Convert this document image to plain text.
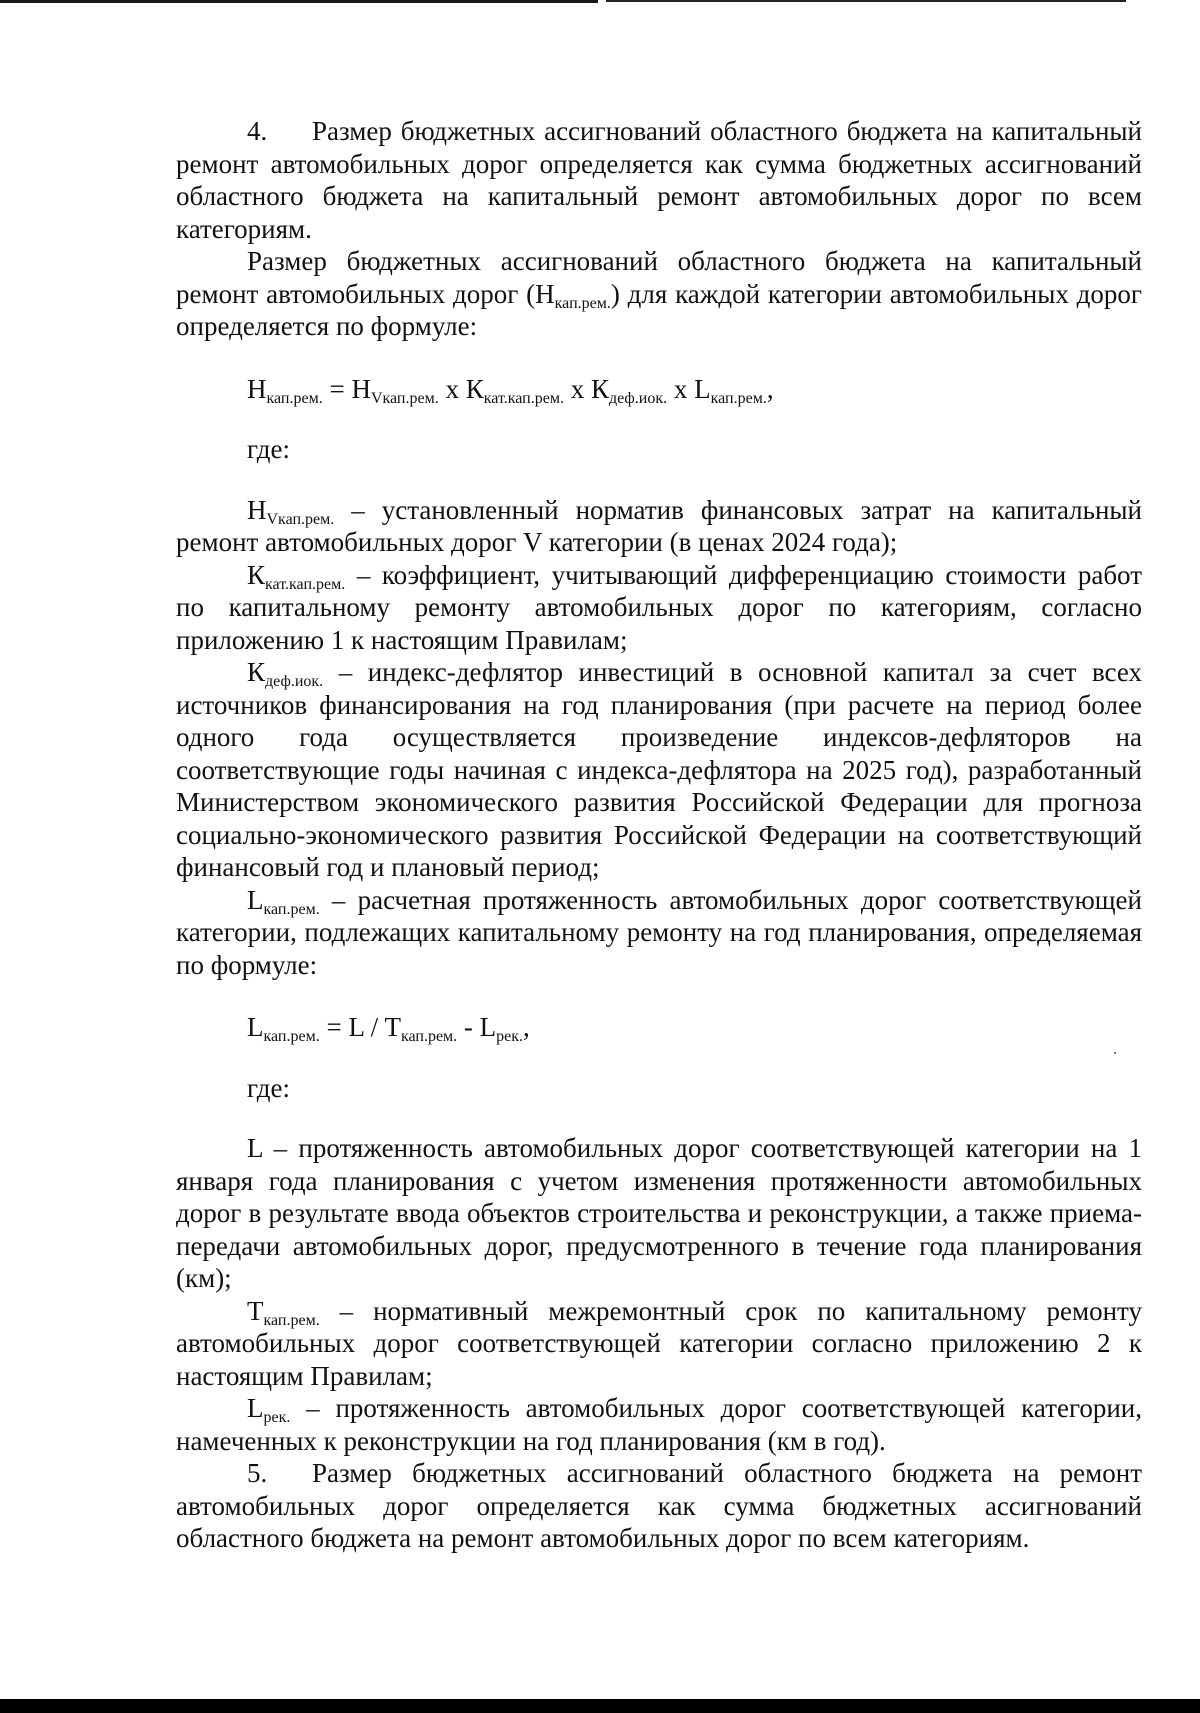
4. Размер бюджетных ассигнований областного бюджета на капитальный ремонт автомобильных дорог определяется как сумма бюджетных ассигнований областного бюджета на капитальный ремонт автомобильных дорог по всем категориям.

Размер бюджетных ассигнований областного бюджета на капитальный ремонт автомобильных дорог $(Н_{кап.рем.})$ для каждой категории автомобильных дорог определяется по формуле:

$Н_{кап.рем.} = Н_{Vкап.рем.}$ x $К_{кат.кап.рем.}$ x $К_{деф.иок.}$ x $L_{кап.рем.}$,

где:

$Н_{Vкап.рем.}$ – установленный норматив финансовых затрат на капитальный ремонт автомобильных дорог V категории (в ценах 2024 года);

$К_{кат.кап.рем.}$ – коэффициент, учитывающий дифференциацию стоимости работ по капитальному ремонту автомобильных дорог по категориям, согласно приложению 1 к настоящим Правилам;

$К_{деф.иок.}$ – индекс-дефлятор инвестиций в основной капитал за счет всех источников финансирования на год планирования (при расчете на период более одного года осуществляется произведение индексов-дефляторов на соответствующие годы начиная с индекса-дефлятора на 2025 год), разработанный Министерством экономического развития Российской Федерации для прогноза социально-экономического развития Российской Федерации на соответствующий финансовый год и плановый период;

$L_{кап.рем.}$ – расчетная протяженность автомобильных дорог соответствующей категории, подлежащих капитальному ремонту на год планирования, определяемая по формуле:

$L_{кап.рем.} = L / T_{кап.рем.} - L_{рек.}$,

где:

L – протяженность автомобильных дорог соответствующей категории на 1 января года планирования с учетом изменения протяженности автомобильных дорог в результате ввода объектов строительства и реконструкции, а также приема-передачи автомобильных дорог, предусмотренного в течение года планирования (км);

$Т_{кап.рем.}$ – нормативный межремонтный срок по капитальному ремонту автомобильных дорог соответствующей категории согласно приложению 2 к настоящим Правилам;

$L_{рек.}$ – протяженность автомобильных дорог соответствующей категории, намеченных к реконструкции на год планирования (км в год).

5. Размер бюджетных ассигнований областного бюджета на ремонт автомобильных дорог определяется как сумма бюджетных ассигнований областного бюджета на ремонт автомобильных дорог по всем категориям.
